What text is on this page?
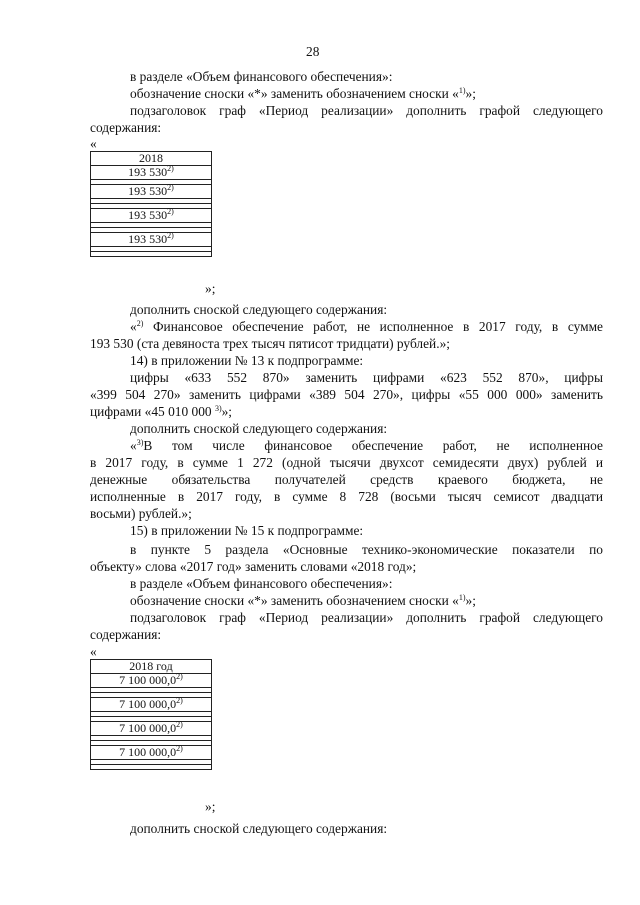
28
в разделе «Объем финансового обеспечения»:
обозначение сноски «*» заменить обозначением сноски «$^{1)}$»;
подзаголовок граф «Период реализации» дополнить графой следующего
содержания:
«
2018
193 530$^{2)}$

193 530$^{2)}$

193 530$^{2)}$

193 530$^{2)}$

»;
дополнить сноской следующего содержания:
«$^{2)}$ Финансовое обеспечение работ, не исполненное в 2017 году, в сумме
193 530 (ста девяноста трех тысяч пятисот тридцати) рублей.»;
14) в приложении № 13 к подпрограмме:
цифры «633 552 870» заменить цифрами «623 552 870», цифры
«399 504 270» заменить цифрами «389 504 270», цифры «55 000 000» заменить
цифрами «45 010 000 $^{3)}$»;
дополнить сноской следующего содержания:
«$^{3)}$В том числе финансовое обеспечение работ, не исполненное
в 2017 году, в сумме 1 272 (одной тысячи двухсот семидесяти двух) рублей и
денежные обязательства получателей средств краевого бюджета, не
исполненные в 2017 году, в сумме 8 728 (восьми тысяч семисот двадцати
восьми) рублей.»;
15) в приложении № 15 к подпрограмме:
в пункте 5 раздела «Основные технико-экономические показатели по
объекту» слова «2017 год» заменить словами «2018 год»;
в разделе «Объем финансового обеспечения»:
обозначение сноски «*» заменить обозначением сноски «$^{1)}$»;
подзаголовок граф «Период реализации» дополнить графой следующего
содержания:
«
2018 год
7 100 000,0$^{2)}$

7 100 000,0$^{2)}$

7 100 000,0$^{2)}$

7 100 000,0$^{2)}$

»;
дополнить сноской следующего содержания:
